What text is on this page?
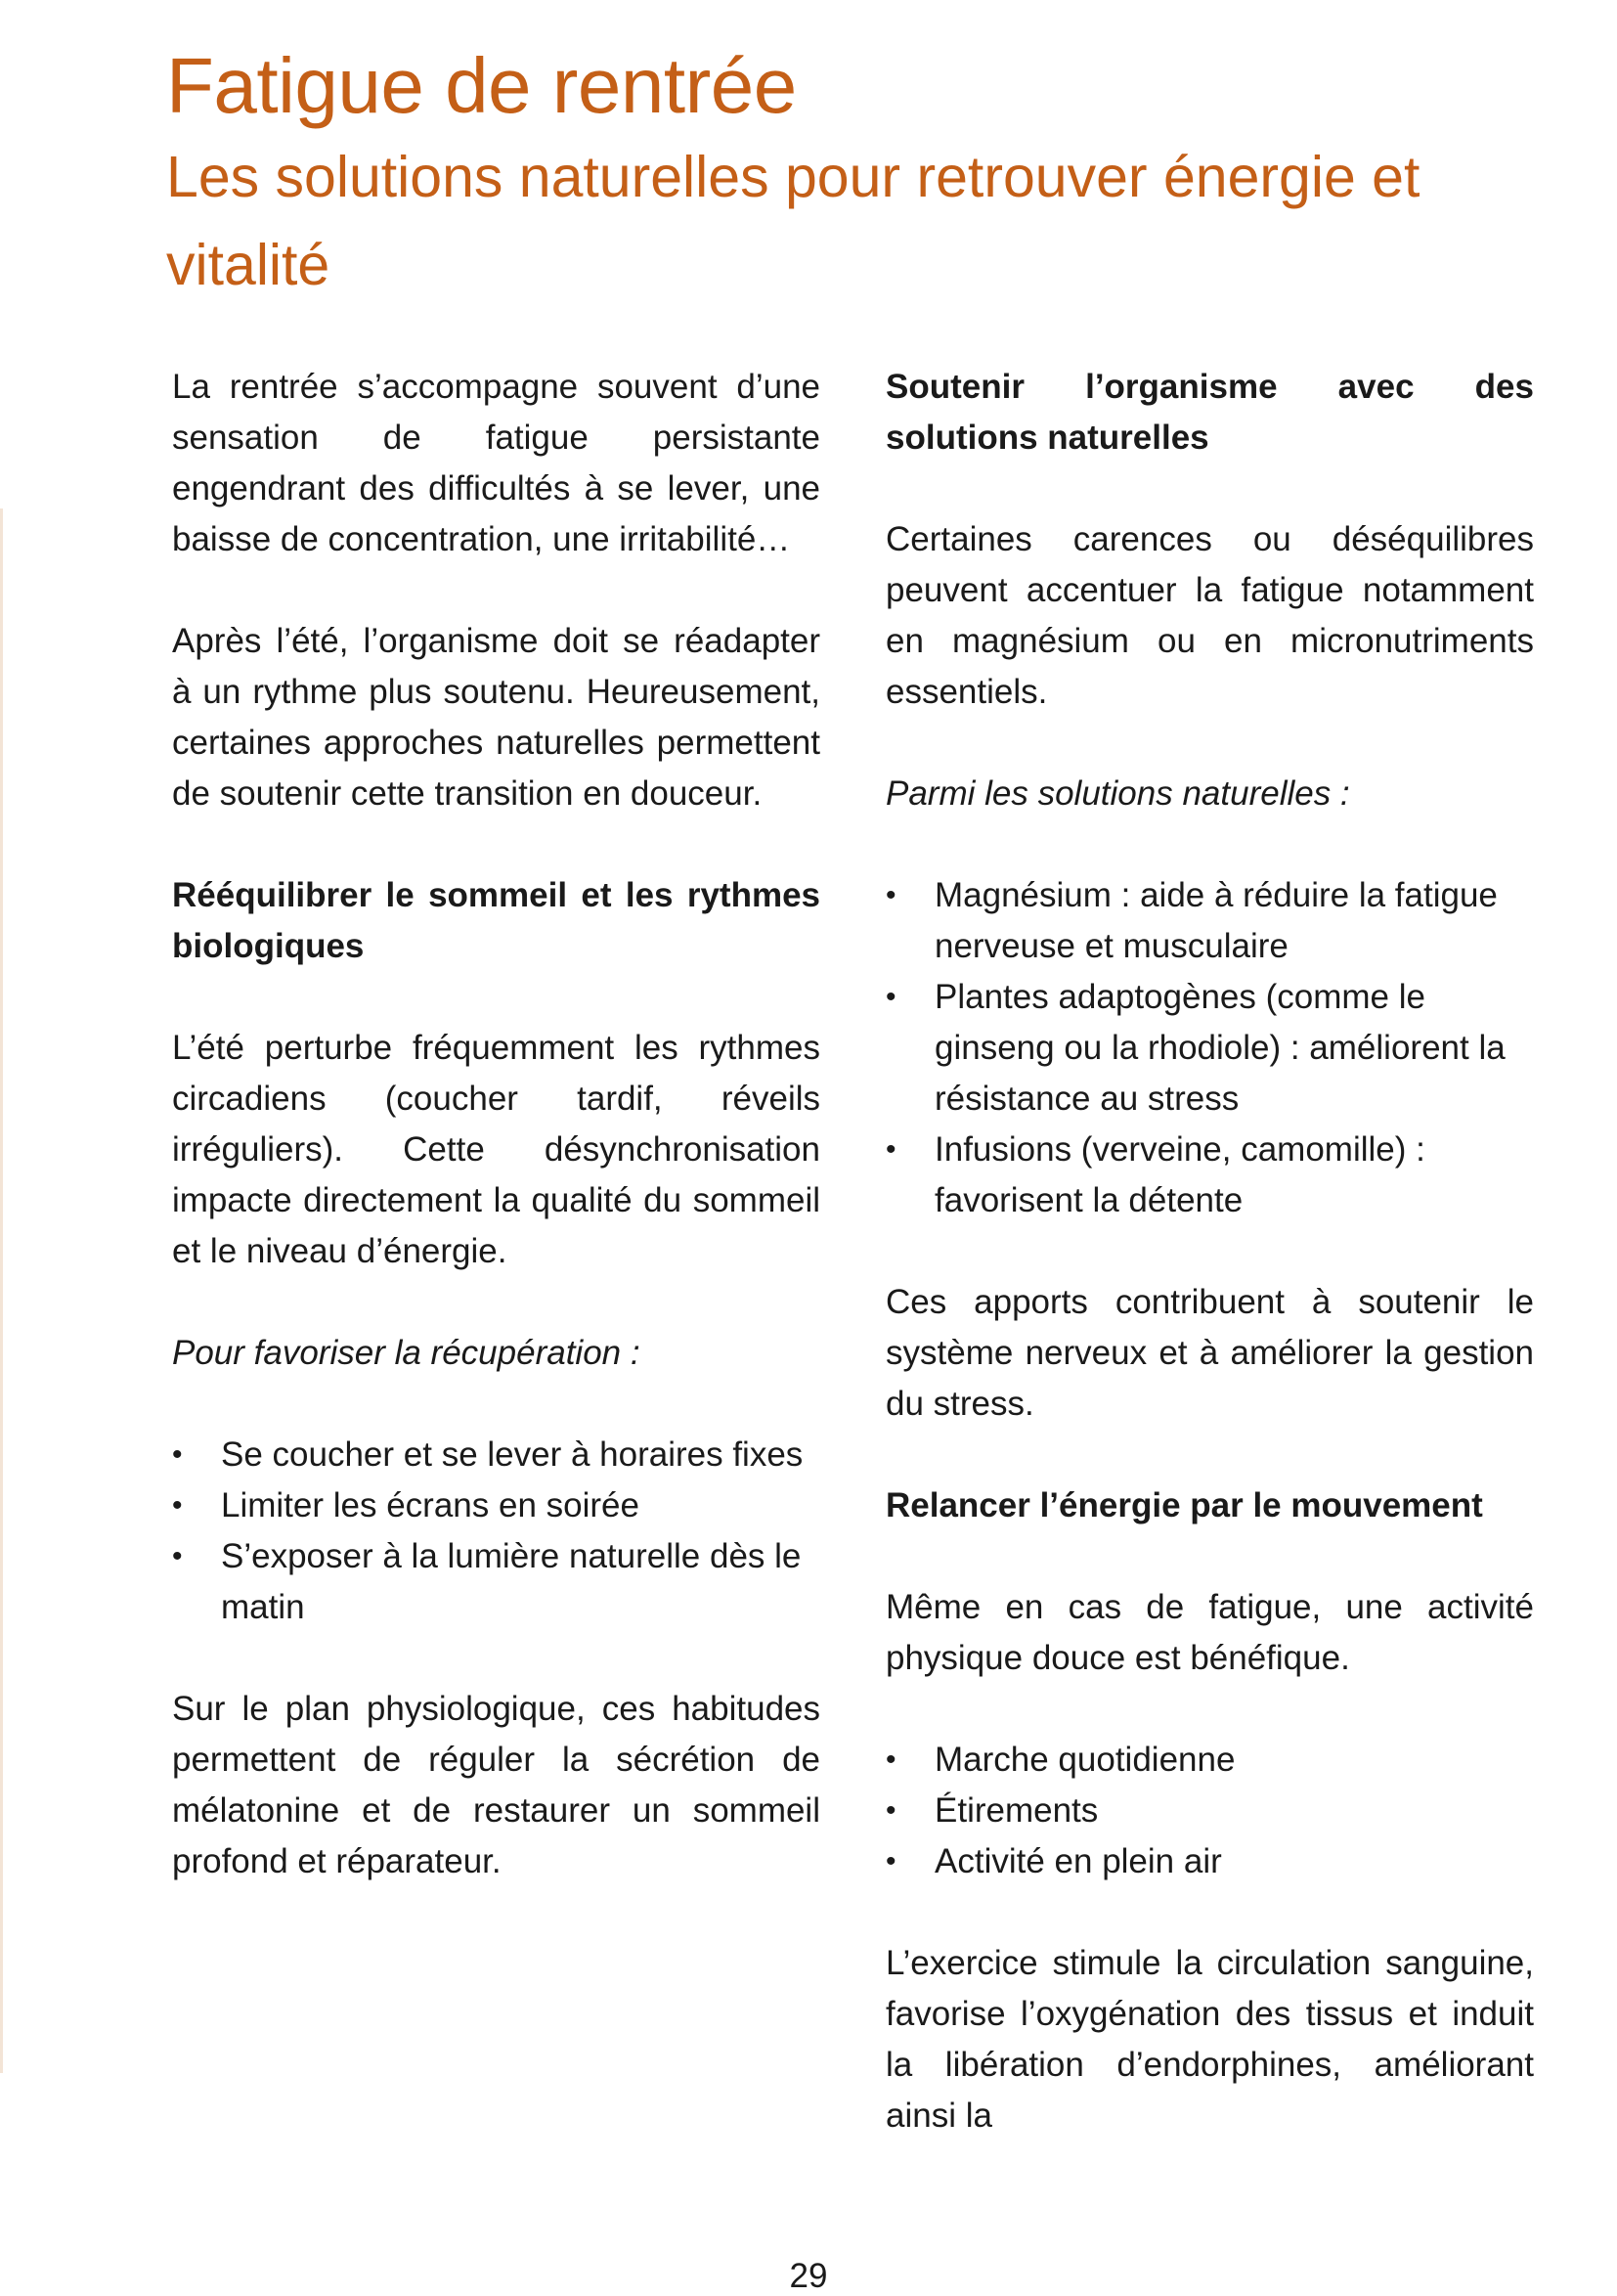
Fatigue de rentrée
Les solutions naturelles pour retrouver énergie et vitalité

La rentrée s’accompagne souvent d’une sensation de fatigue persistante engendrant des difficultés à se lever, une baisse de concentration, une irritabilité…

Après l’été, l’organisme doit se réadapter à un rythme plus soutenu. Heureusement, certaines approches naturelles permettent de soutenir cette transition en douceur.

Rééquilibrer le sommeil et les rythmes biologiques

L’été perturbe fréquemment les rythmes circadiens (coucher tardif, réveils irréguliers). Cette désynchronisation impacte directement la qualité du sommeil et le niveau d’énergie.

Pour favoriser la récupération :

•	Se coucher et se lever à horaires fixes
•	Limiter les écrans en soirée
•	S’exposer à la lumière naturelle dès le matin

Sur le plan physiologique, ces habitudes permettent de réguler la sécrétion de mélatonine et de restaurer un sommeil profond et réparateur.

Soutenir l’organisme avec des solutions naturelles

Certaines carences ou déséquilibres peuvent accentuer la fatigue notamment en magnésium ou en micronutriments essentiels.

Parmi les solutions naturelles :

•	Magnésium : aide à réduire la fatigue nerveuse et musculaire
•	Plantes adaptogènes (comme le ginseng ou la rhodiole) : améliorent la résistance au stress
•	Infusions (verveine, camomille) : favorisent la détente

Ces apports contribuent à soutenir le système nerveux et à améliorer la gestion du stress.

Relancer l’énergie par le mouvement

Même en cas de fatigue, une activité physique douce est bénéfique.

•	Marche quotidienne
•	Étirements
•	Activité en plein air

L’exercice stimule la circulation sanguine, favorise l’oxygénation des tissus et induit la libération d’endorphines, améliorant ainsi la

29
